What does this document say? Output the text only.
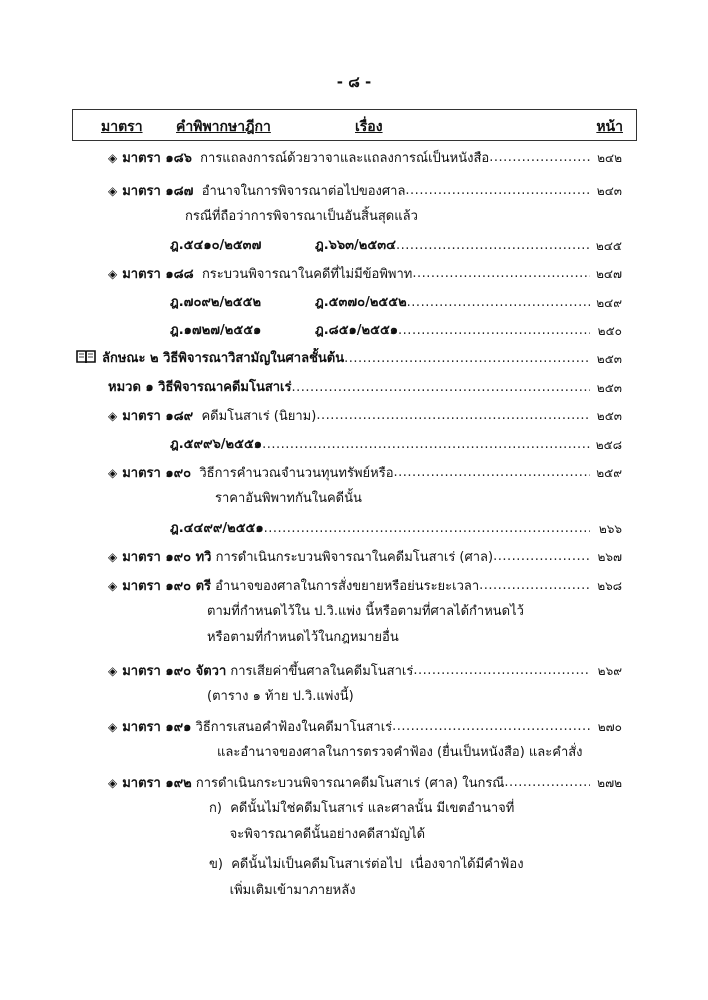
- ๘ -
มาตรา คำพิพากษาฎีกา	เรื่อง	หน้า
◈ มาตรา ๑๘๖ การแถลงการณ์ด้วยวาจาและแถลงการณ์เป็นหนังสือ .....	๒๔๒
◈ มาตรา ๑๘๗ อำนาจในการพิจารณาต่อไปของศาล .....	๒๔๓
กรณีที่ถือว่าการพิจารณาเป็นอันสิ้นสุดแล้ว
ฎ.๕๔๑๐/๒๕๓๗	ฎ.๖๖๓/๒๕๓๔ .....	๒๔๕
◈ มาตรา ๑๘๘ กระบวนพิจารณาในคดีที่ไม่มีข้อพิพาท .....	๒๔๗
ฎ.๗๐๙๒/๒๕๕๒	ฎ.๕๓๗๐/๒๕๕๒ .....	๒๔๙
ฎ.๑๗๒๗/๒๕๕๑	ฎ.๘๕๑/๒๕๕๑ .....	๒๕๐
ลักษณะ ๒ วิธีพิจารณาวิสามัญในศาลชั้นต้น .....	๒๕๓
หมวด ๑ วิธีพิจารณาคดีมโนสาเร่ .....	๒๕๓
◈ มาตรา ๑๘๙ คดีมโนสาเร่ (นิยาม) .....	๒๕๓
ฎ.๕๙๙๖/๒๕๕๑ .....	๒๕๘
◈ มาตรา ๑๙๐ วิธีการคำนวณจำนวนทุนทรัพย์หรือ .....	๒๕๙
ราคาอันพิพาทกันในคดีนั้น
ฎ.๔๔๙๙/๒๕๕๑ .....	๒๖๖
◈ มาตรา ๑๙๐ ทวิ การดำเนินกระบวนพิจารณาในคดีมโนสาเร่ (ศาล) .....	๒๖๗
◈ มาตรา ๑๙๐ ตรี อำนาจของศาลในการสั่งขยายหรือย่นระยะเวลา .....	๒๖๘
ตามที่กำหนดไว้ใน ป.วิ.แพ่ง นี้หรือตามที่ศาลได้กำหนดไว้
หรือตามที่กำหนดไว้ในกฎหมายอื่น
◈ มาตรา ๑๙๐ จัตวา การเสียค่าขึ้นศาลในคดีมโนสาเร่ .....	๒๖๙
(ตาราง ๑ ท้าย ป.วิ.แพ่งนี้)
◈ มาตรา ๑๙๑ วิธีการเสนอคำฟ้องในคดีมาโนสาเร่ .....	๒๗๐
และอำนาจของศาลในการตรวจคำฟ้อง (ยื่นเป็นหนังสือ) และคำสั่ง
◈ มาตรา ๑๙๒ การดำเนินกระบวนพิจารณาคดีมโนสาเร่ (ศาล) ในกรณี .....	๒๗๒
ก)  คดีนั้นไม่ใช่คดีมโนสาเร่ และศาลนั้น มีเขตอำนาจที่
จะพิจารณาคดีนั้นอย่างคดีสามัญได้
ข)  คดีนั้นไม่เป็นคดีมโนสาเร่ต่อไป  เนื่องจากได้มีคำฟ้อง
เพิ่มเติมเข้ามาภายหลัง
